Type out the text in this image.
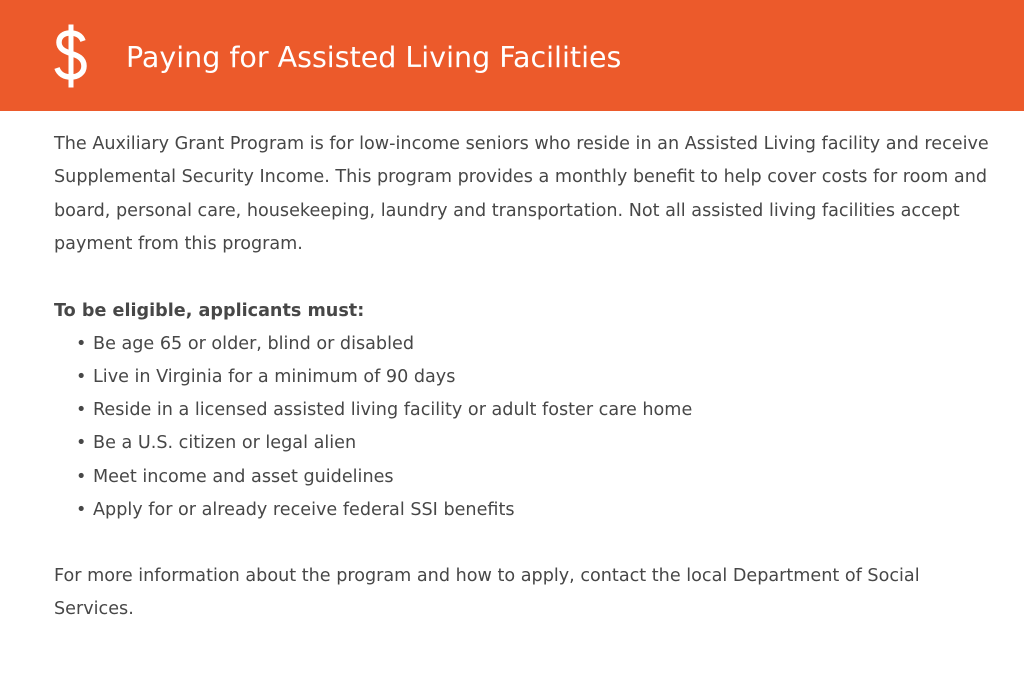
Paying for Assisted Living Facilities

The Auxiliary Grant Program is for low-income seniors who reside in an Assisted Living facility and receive Supplemental Security Income. This program provides a monthly benefit to help cover costs for room and board, personal care, housekeeping, laundry and transportation. Not all assisted living facilities accept payment from this program.

To be eligible, applicants must:

• Be age 65 or older, blind or disabled
• Live in Virginia for a minimum of 90 days
• Reside in a licensed assisted living facility or adult foster care home
• Be a U.S. citizen or legal alien
• Meet income and asset guidelines
• Apply for or already receive federal SSI benefits

For more information about the program and how to apply, contact the local Department of Social Services.
